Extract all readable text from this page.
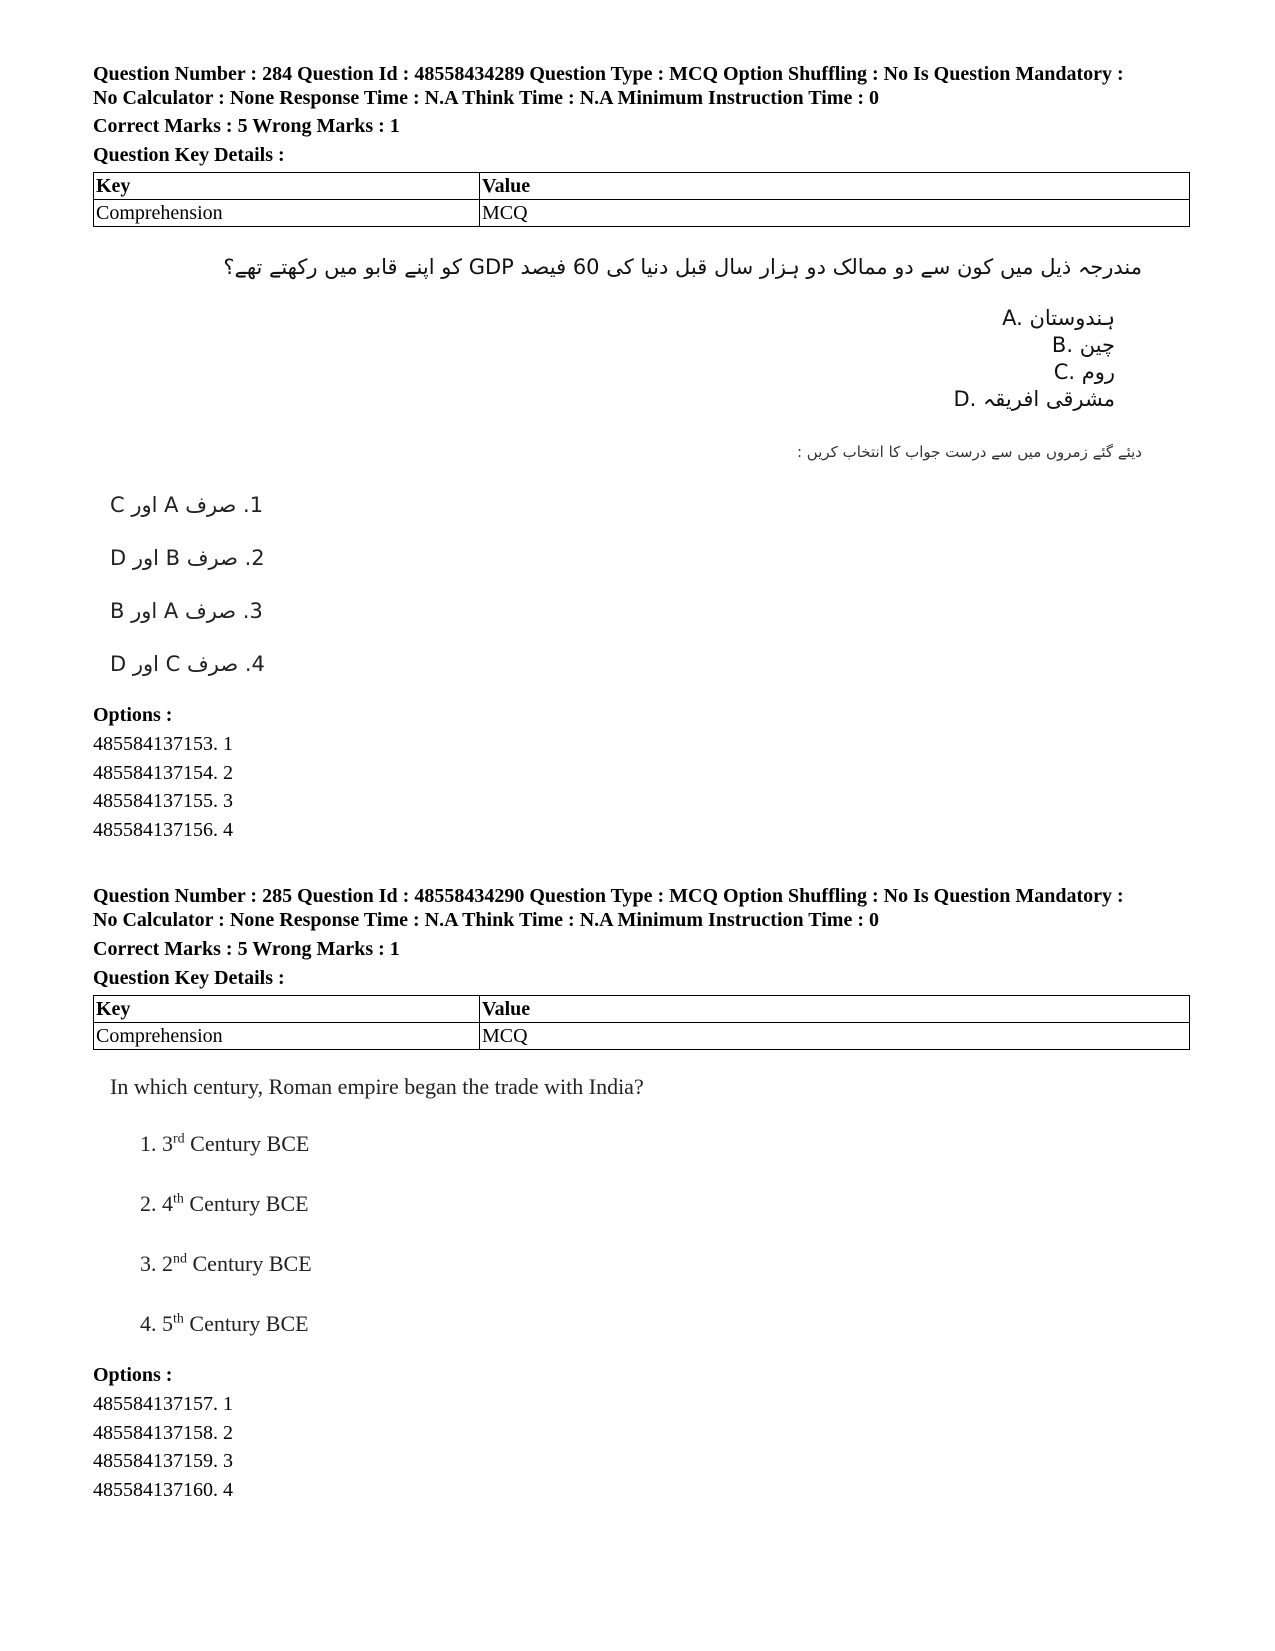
Question Number : 284 Question Id : 48558434289 Question Type : MCQ Option Shuffling : No Is Question Mandatory :
No Calculator : None Response Time : N.A Think Time : N.A Minimum Instruction Time : 0
Correct Marks : 5 Wrong Marks : 1
Question Key Details :
Key	Value
Comprehension	MCQ
مندرجہ ذیل میں کون سے دو ممالک دو ہزار سال قبل دنیا کی 60 فیصد GDP کو اپنے قابو میں رکھتے تھے؟
A. ہندوستان
B. چین
C. روم
D. مشرقی افریقہ
دیئے گئے زمروں میں سے درست جواب کا انتخاب کریں :
1. صرف A اور C
2. صرف B اور D
3. صرف A اور B
4. صرف C اور D
Options :
485584137153. 1
485584137154. 2
485584137155. 3
485584137156. 4
Question Number : 285 Question Id : 48558434290 Question Type : MCQ Option Shuffling : No Is Question Mandatory :
No Calculator : None Response Time : N.A Think Time : N.A Minimum Instruction Time : 0
Correct Marks : 5 Wrong Marks : 1
Question Key Details :
Key	Value
Comprehension	MCQ
In which century, Roman empire began the trade with India?
1. 3rd Century BCE
2. 4th Century BCE
3. 2nd Century BCE
4. 5th Century BCE
Options :
485584137157. 1
485584137158. 2
485584137159. 3
485584137160. 4
